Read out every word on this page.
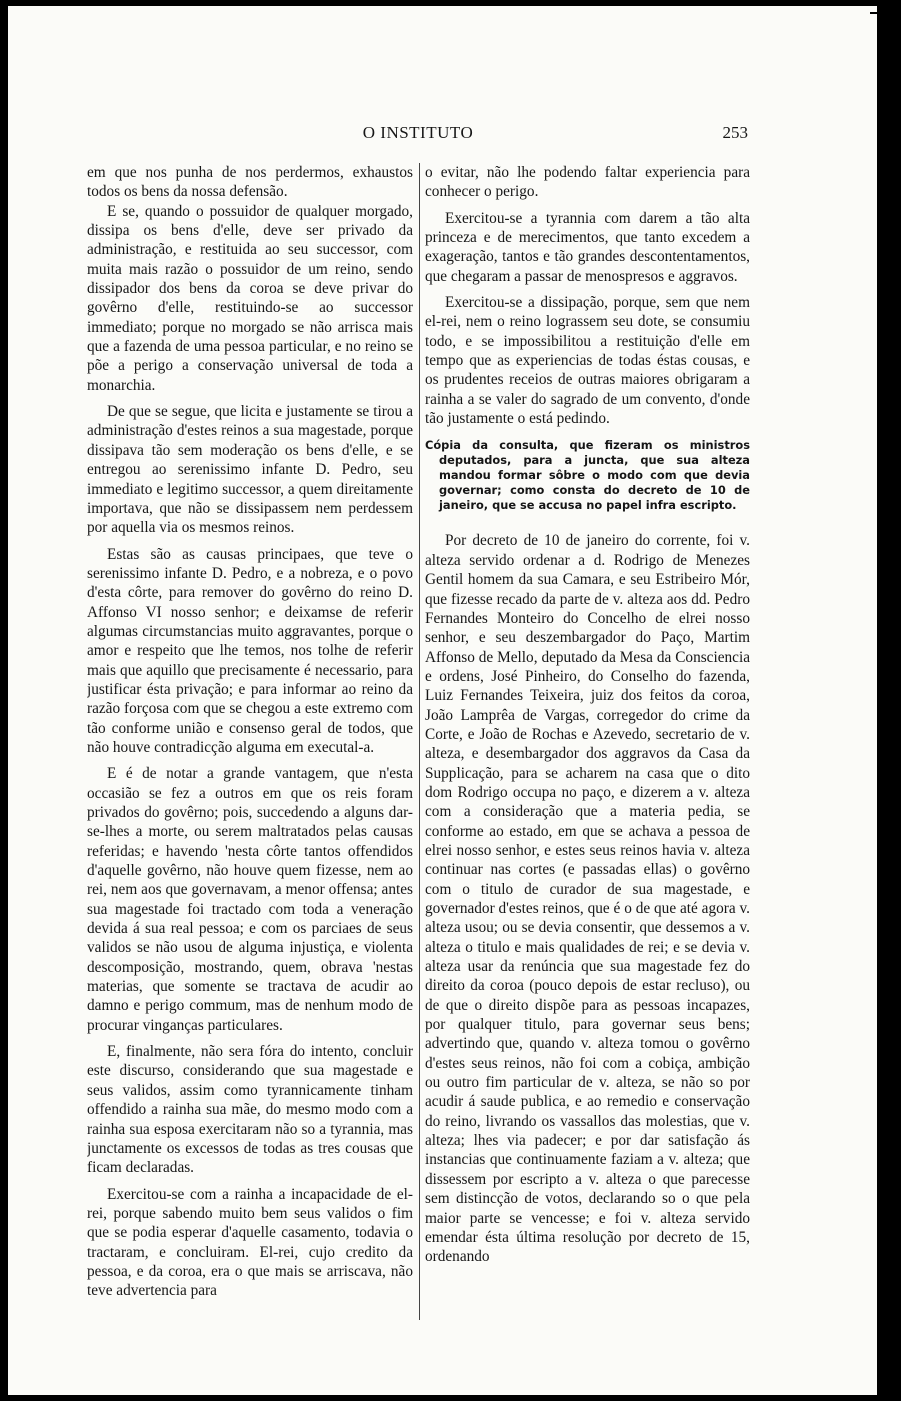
O INSTITUTO	253

em que nos punha de nos perdermos, exhaustos todos os bens da nossa defensão.

E se, quando o possuidor de qualquer morgado, dissipa os bens d'elle, deve ser privado da administração, e restituida ao seu successor, com muita mais razão o possuidor de um reino, sendo dissipador dos bens da coroa se deve privar do govêrno d'elle, restituindo-se ao successor immediato; porque no morgado se não arrisca mais que a fazenda de uma pessoa particular, e no reino se põe a perigo a conservação universal de toda a monarchia.

De que se segue, que licita e justamente se tirou a administração d'estes reinos a sua magestade, porque dissipava tão sem moderação os bens d'elle, e se entregou ao serenissimo infante D. Pedro, seu immediato e legitimo successor, a quem direitamente importava, que não se dissipassem nem perdessem por aquella via os mesmos reinos.

Estas são as causas principaes, que teve o serenissimo infante D. Pedro, e a nobreza, e o povo d'esta côrte, para remover do govêrno do reino D. Affonso VI nosso senhor; e deixamse de referir algumas circumstancias muito aggravantes, porque o amor e respeito que lhe temos, nos tolhe de referir mais que aquillo que precisamente é necessario, para justificar ésta privação; e para informar ao reino da razão forçosa com que se chegou a este extremo com tão conforme união e consenso geral de todos, que não houve contradicção alguma em executal-a.

E é de notar a grande vantagem, que n'esta occasião se fez a outros em que os reis foram privados do govêrno; pois, succedendo a alguns dar-se-lhes a morte, ou serem maltratados pelas causas referidas; e havendo 'nesta côrte tantos offendidos d'aquelle govêrno, não houve quem fizesse, nem ao rei, nem aos que governavam, a menor offensa; antes sua magestade foi tractado com toda a veneração devida á sua real pessoa; e com os parciaes de seus validos se não usou de alguma injustiça, e violenta descomposição, mostrando, quem, obrava 'nestas materias, que somente se tractava de acudir ao damno e perigo commum, mas de nenhum modo de procurar vinganças particulares.

E, finalmente, não sera fóra do intento, concluir este discurso, considerando que sua magestade e seus validos, assim como tyrannicamente tinham offendido a rainha sua mãe, do mesmo modo com a rainha sua esposa exercitaram não so a tyrannia, mas junctamente os excessos de todas as tres cousas que ficam declaradas.

Exercitou-se com a rainha a incapacidade de el-rei, porque sabendo muito bem seus validos o fim que se podia esperar d'aquelle casamento, todavia o tractaram, e concluiram. El-rei, cujo credito da pessoa, e da coroa, era o que mais se arriscava, não teve advertencia para

o evitar, não lhe podendo faltar experiencia para conhecer o perigo.

Exercitou-se a tyrannia com darem a tão alta princeza e de merecimentos, que tanto excedem a exageração, tantos e tão grandes descontentamentos, que chegaram a passar de menospresos e aggravos.

Exercitou-se a dissipação, porque, sem que nem el-rei, nem o reino lograssem seu dote, se consumiu todo, e se impossibilitou a restituição d'elle em tempo que as experiencias de todas éstas cousas, e os prudentes receios de outras maiores obrigaram a rainha a se valer do sagrado de um convento, d'onde tão justamente o está pedindo.

Cópia da consulta, que fizeram os ministros deputados, para a juncta, que sua alteza mandou formar sôbre o modo com que devia governar; como consta do decreto de 10 de janeiro, que se accusa no papel infra escripto.

Por decreto de 10 de janeiro do corrente, foi v. alteza servido ordenar a d. Rodrigo de Menezes Gentil homem da sua Camara, e seu Estribeiro Mór, que fizesse recado da parte de v. alteza aos dd. Pedro Fernandes Monteiro do Concelho de elrei nosso senhor, e seu deszembargador do Paço, Martim Affonso de Mello, deputado da Mesa da Consciencia e ordens, José Pinheiro, do Conselho do fazenda, Luiz Fernandes Teixeira, juiz dos feitos da coroa, João Lamprêa de Vargas, corregedor do crime da Corte, e João de Rochas e Azevedo, secretario de v. alteza, e desembargador dos aggravos da Casa da Supplicação, para se acharem na casa que o dito dom Rodrigo occupa no paço, e dizerem a v. alteza com a consideração que a materia pedia, se conforme ao estado, em que se achava a pessoa de elrei nosso senhor, e estes seus reinos havia v. alteza continuar nas cortes (e passadas ellas) o govêrno com o titulo de curador de sua magestade, e governador d'estes reinos, que é o de que até agora v. alteza usou; ou se devia consentir, que dessemos a v. alteza o titulo e mais qualidades de rei; e se devia v. alteza usar da renúncia que sua magestade fez do direito da coroa (pouco depois de estar recluso), ou de que o direito dispõe para as pessoas incapazes, por qualquer titulo, para governar seus bens; advertindo que, quando v. alteza tomou o govêrno d'estes seus reinos, não foi com a cobiça, ambição ou outro fim particular de v. alteza, se não so por acudir á saude publica, e ao remedio e conservação do reino, livrando os vassallos das molestias, que v. alteza; lhes via padecer; e por dar satisfação ás instancias que continuamente faziam a v. alteza; que dissessem por escripto a v. alteza o que parecesse sem distincção de votos, declarando so o que pela maior parte se vencesse; e foi v. alteza servido emendar ésta última resolução por decreto de 15, ordenando
